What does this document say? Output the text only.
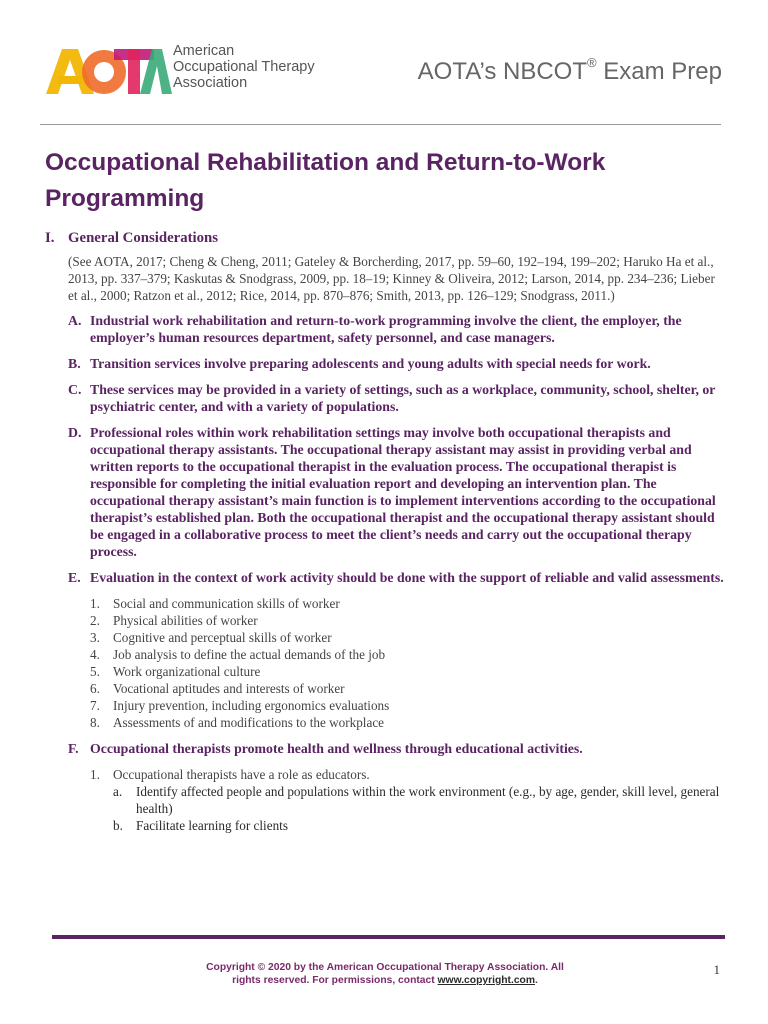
American
Occupational Therapy
Association	AOTA’s NBCOT® Exam Prep
Occupational Rehabilitation and Return-to-Work
Programming
I. General Considerations
(See AOTA, 2017; Cheng & Cheng, 2011; Gateley & Borcherding, 2017, pp. 59–60, 192–194, 199–202; Haruko Ha et al., 2013, pp. 337–379; Kaskutas & Snodgrass, 2009, pp. 18–19; Kinney & Oliveira, 2012; Larson, 2014, pp. 234–236; Lieber et al., 2000; Ratzon et al., 2012; Rice, 2014, pp. 870–876; Smith, 2013, pp. 126–129; Snodgrass, 2011.)
A. Industrial work rehabilitation and return-to-work programming involve the client, the employer, the employer’s human resources department, safety personnel, and case managers.
B. Transition services involve preparing adolescents and young adults with special needs for work.
C. These services may be provided in a variety of settings, such as a workplace, community, school, shelter, or psychiatric center, and with a variety of populations.
D. Professional roles within work rehabilitation settings may involve both occupational therapists and occupational therapy assistants. The occupational therapy assistant may assist in providing verbal and written reports to the occupational therapist in the evaluation process. The occupational therapist is responsible for completing the initial evaluation report and developing an intervention plan. The occupational therapy assistant’s main function is to implement interventions according to the occupational therapist’s established plan. Both the occupational therapist and the occupational therapy assistant should be engaged in a collaborative process to meet the client’s needs and carry out the occupational therapy process.
E. Evaluation in the context of work activity should be done with the support of reliable and valid assessments.
1. Social and communication skills of worker
2. Physical abilities of worker
3. Cognitive and perceptual skills of worker
4. Job analysis to define the actual demands of the job
5. Work organizational culture
6. Vocational aptitudes and interests of worker
7. Injury prevention, including ergonomics evaluations
8. Assessments of and modifications to the workplace
F. Occupational therapists promote health and wellness through educational activities.
1. Occupational therapists have a role as educators.
a.	Identify affected people and populations within the work environment (e.g., by age, gender, skill level, general health)
b. Facilitate learning for clients
Copyright © 2020 by the American Occupational Therapy Association. All
rights reserved. For permissions, contact www.copyright.com.
1
